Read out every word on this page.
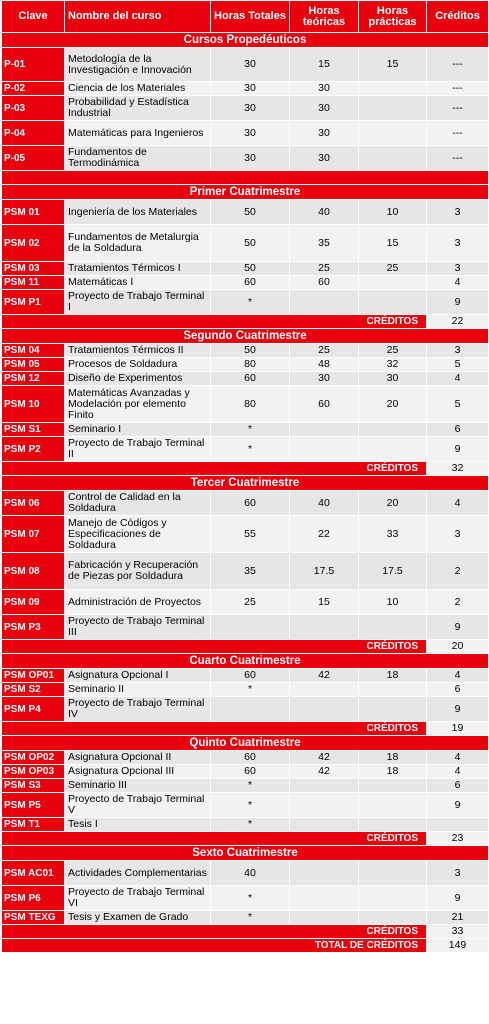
Clave	Nombre del curso	Horas Totales	Horas teóricas	Horas prácticas	Créditos
Cursos Propedéuticos					
P-01	Metodología de la Investigación e Innovación	30	15	15	---
P-02	Ciencia de los Materiales	30	30		---
P-03	Probabilidad y Estadística Industrial	30	30		---
P-04	Matemáticas para Ingenieros	30	30		---
P-05	Fundamentos de Termodinámica	30	30		---

Primer Cuatrimestre					
PSM 01	Ingeniería de los Materiales	50	40	10	3
PSM 02	Fundamentos de Metalurgia de la Soldadura	50	35	15	3
PSM 03	Tratamientos Térmicos I	50	25	25	3
PSM 11	Matemáticas I	60	60		4
PSM P1	Proyecto de Trabajo Terminal I	*			9
CRÉDITOS					22
Segundo Cuatrimestre					
PSM 04	Tratamientos Térmicos II	50	25	25	3
PSM 05	Procesos de Soldadura	80	48	32	5
PSM 12	Diseño de Experimentos	60	30	30	4
PSM 10	Matemáticas Avanzadas y Modelación por elemento Finito	80	60	20	5
PSM S1	Seminario I	*			6
PSM P2	Proyecto de Trabajo Terminal II	*			9
CRÉDITOS					32
Tercer Cuatrimestre					
PSM 06	Control de Calidad en la Soldadura	60	40	20	4
PSM 07	Manejo de Códigos y Especificaciones de Soldadura	55	22	33	3
PSM 08	Fabricación y Recuperación de Piezas por Soldadura	35	17.5	17.5	2
PSM 09	Administración de Proyectos	25	15	10	2
PSM P3	Proyecto de Trabajo Terminal III				9
CRÉDITOS					20
Cuarto Cuatrimestre					
PSM OP01	Asignatura Opcional I	60	42	18	4
PSM S2	Seminario II	*			6
PSM P4	Proyecto de Trabajo Terminal IV				9
CRÉDITOS					19
Quinto Cuatrimestre					
PSM OP02	Asignatura Opcional II	60	42	18	4
PSM OP03	Asignatura Opcional III	60	42	18	4
PSM S3	Seminario III	*			6
PSM P5	Proyecto de Trabajo Terminal V	*			9
PSM T1	Tesis I	*			
CRÉDITOS					23
Sexto Cuatrimestre					
PSM AC01	Actividades Complementarias	40			3
PSM P6	Proyecto de Trabajo Terminal VI	*			9
PSM TEXG	Tesis y Examen de Grado	*			21
CRÉDITOS					33
TOTAL DE CRÉDITOS					149
